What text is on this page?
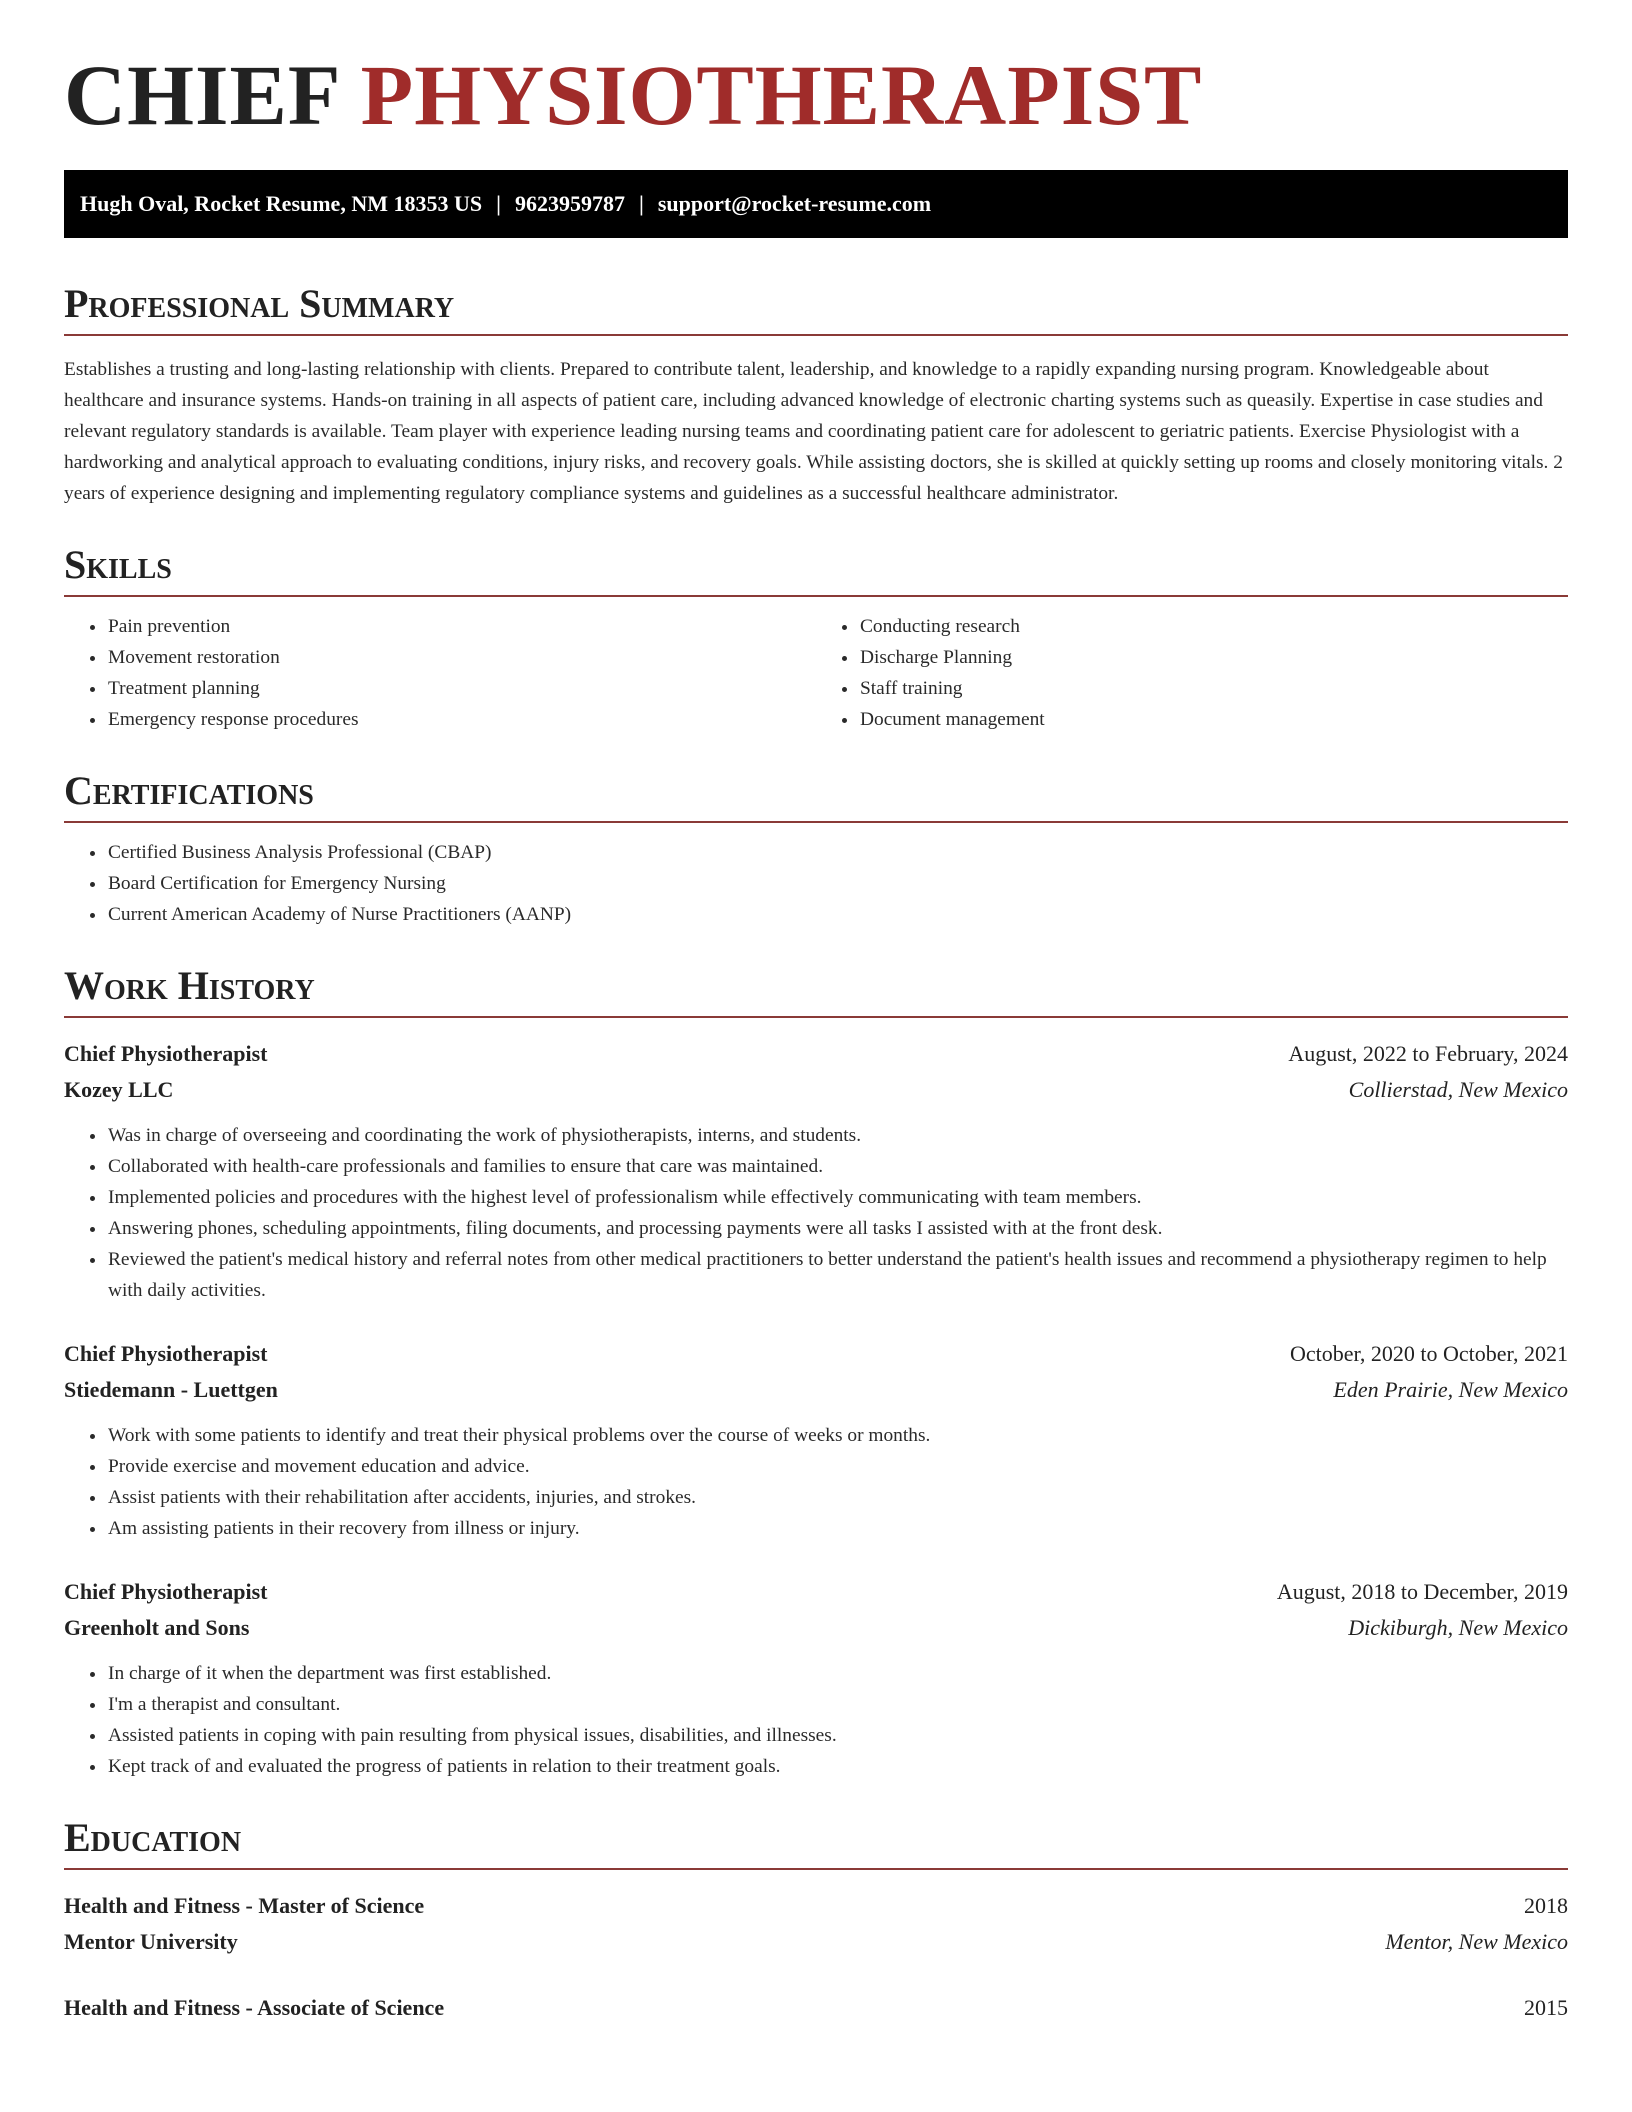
CHIEF PHYSIOTHERAPIST
Hugh Oval, Rocket Resume, NM 18353 US | 9623959787 | support@rocket-resume.com
Professional Summary

Establishes a trusting and long-lasting relationship with clients. Prepared to contribute talent, leadership, and knowledge to a rapidly expanding nursing program. Knowledgeable about healthcare and insurance systems. Hands-on training in all aspects of patient care, including advanced knowledge of electronic charting systems such as queasily. Expertise in case studies and relevant regulatory standards is available. Team player with experience leading nursing teams and coordinating patient care for adolescent to geriatric patients. Exercise Physiologist with a hardworking and analytical approach to evaluating conditions, injury risks, and recovery goals. While assisting doctors, she is skilled at quickly setting up rooms and closely monitoring vitals. 2 years of experience designing and implementing regulatory compliance systems and guidelines as a successful healthcare administrator.

Skills
• Pain prevention
• Movement restoration
• Treatment planning
• Emergency response procedures
• Conducting research
• Discharge Planning
• Staff training
• Document management
Certifications
• Certified Business Analysis Professional (CBAP)
• Board Certification for Emergency Nursing
• Current American Academy of Nurse Practitioners (AANP)
Work History
Chief Physiotherapist	August, 2022 to February, 2024
Kozey LLC	Collierstad, New Mexico
• Was in charge of overseeing and coordinating the work of physiotherapists, interns, and students.
• Collaborated with health-care professionals and families to ensure that care was maintained.
• Implemented policies and procedures with the highest level of professionalism while effectively communicating with team members.
• Answering phones, scheduling appointments, filing documents, and processing payments were all tasks I assisted with at the front desk.
• Reviewed the patient's medical history and referral notes from other medical practitioners to better understand the patient's health issues and recommend a physiotherapy regimen to help with daily activities.
Chief Physiotherapist	October, 2020 to October, 2021
Stiedemann - Luettgen	Eden Prairie, New Mexico
• Work with some patients to identify and treat their physical problems over the course of weeks or months.
• Provide exercise and movement education and advice.
• Assist patients with their rehabilitation after accidents, injuries, and strokes.
• Am assisting patients in their recovery from illness or injury.
Chief Physiotherapist	August, 2018 to December, 2019
Greenholt and Sons	Dickiburgh, New Mexico
• In charge of it when the department was first established.
• I'm a therapist and consultant.
• Assisted patients in coping with pain resulting from physical issues, disabilities, and illnesses.
• Kept track of and evaluated the progress of patients in relation to their treatment goals.
Education
Health and Fitness - Master of Science	2018
Mentor University	Mentor, New Mexico
Health and Fitness - Associate of Science	2015
